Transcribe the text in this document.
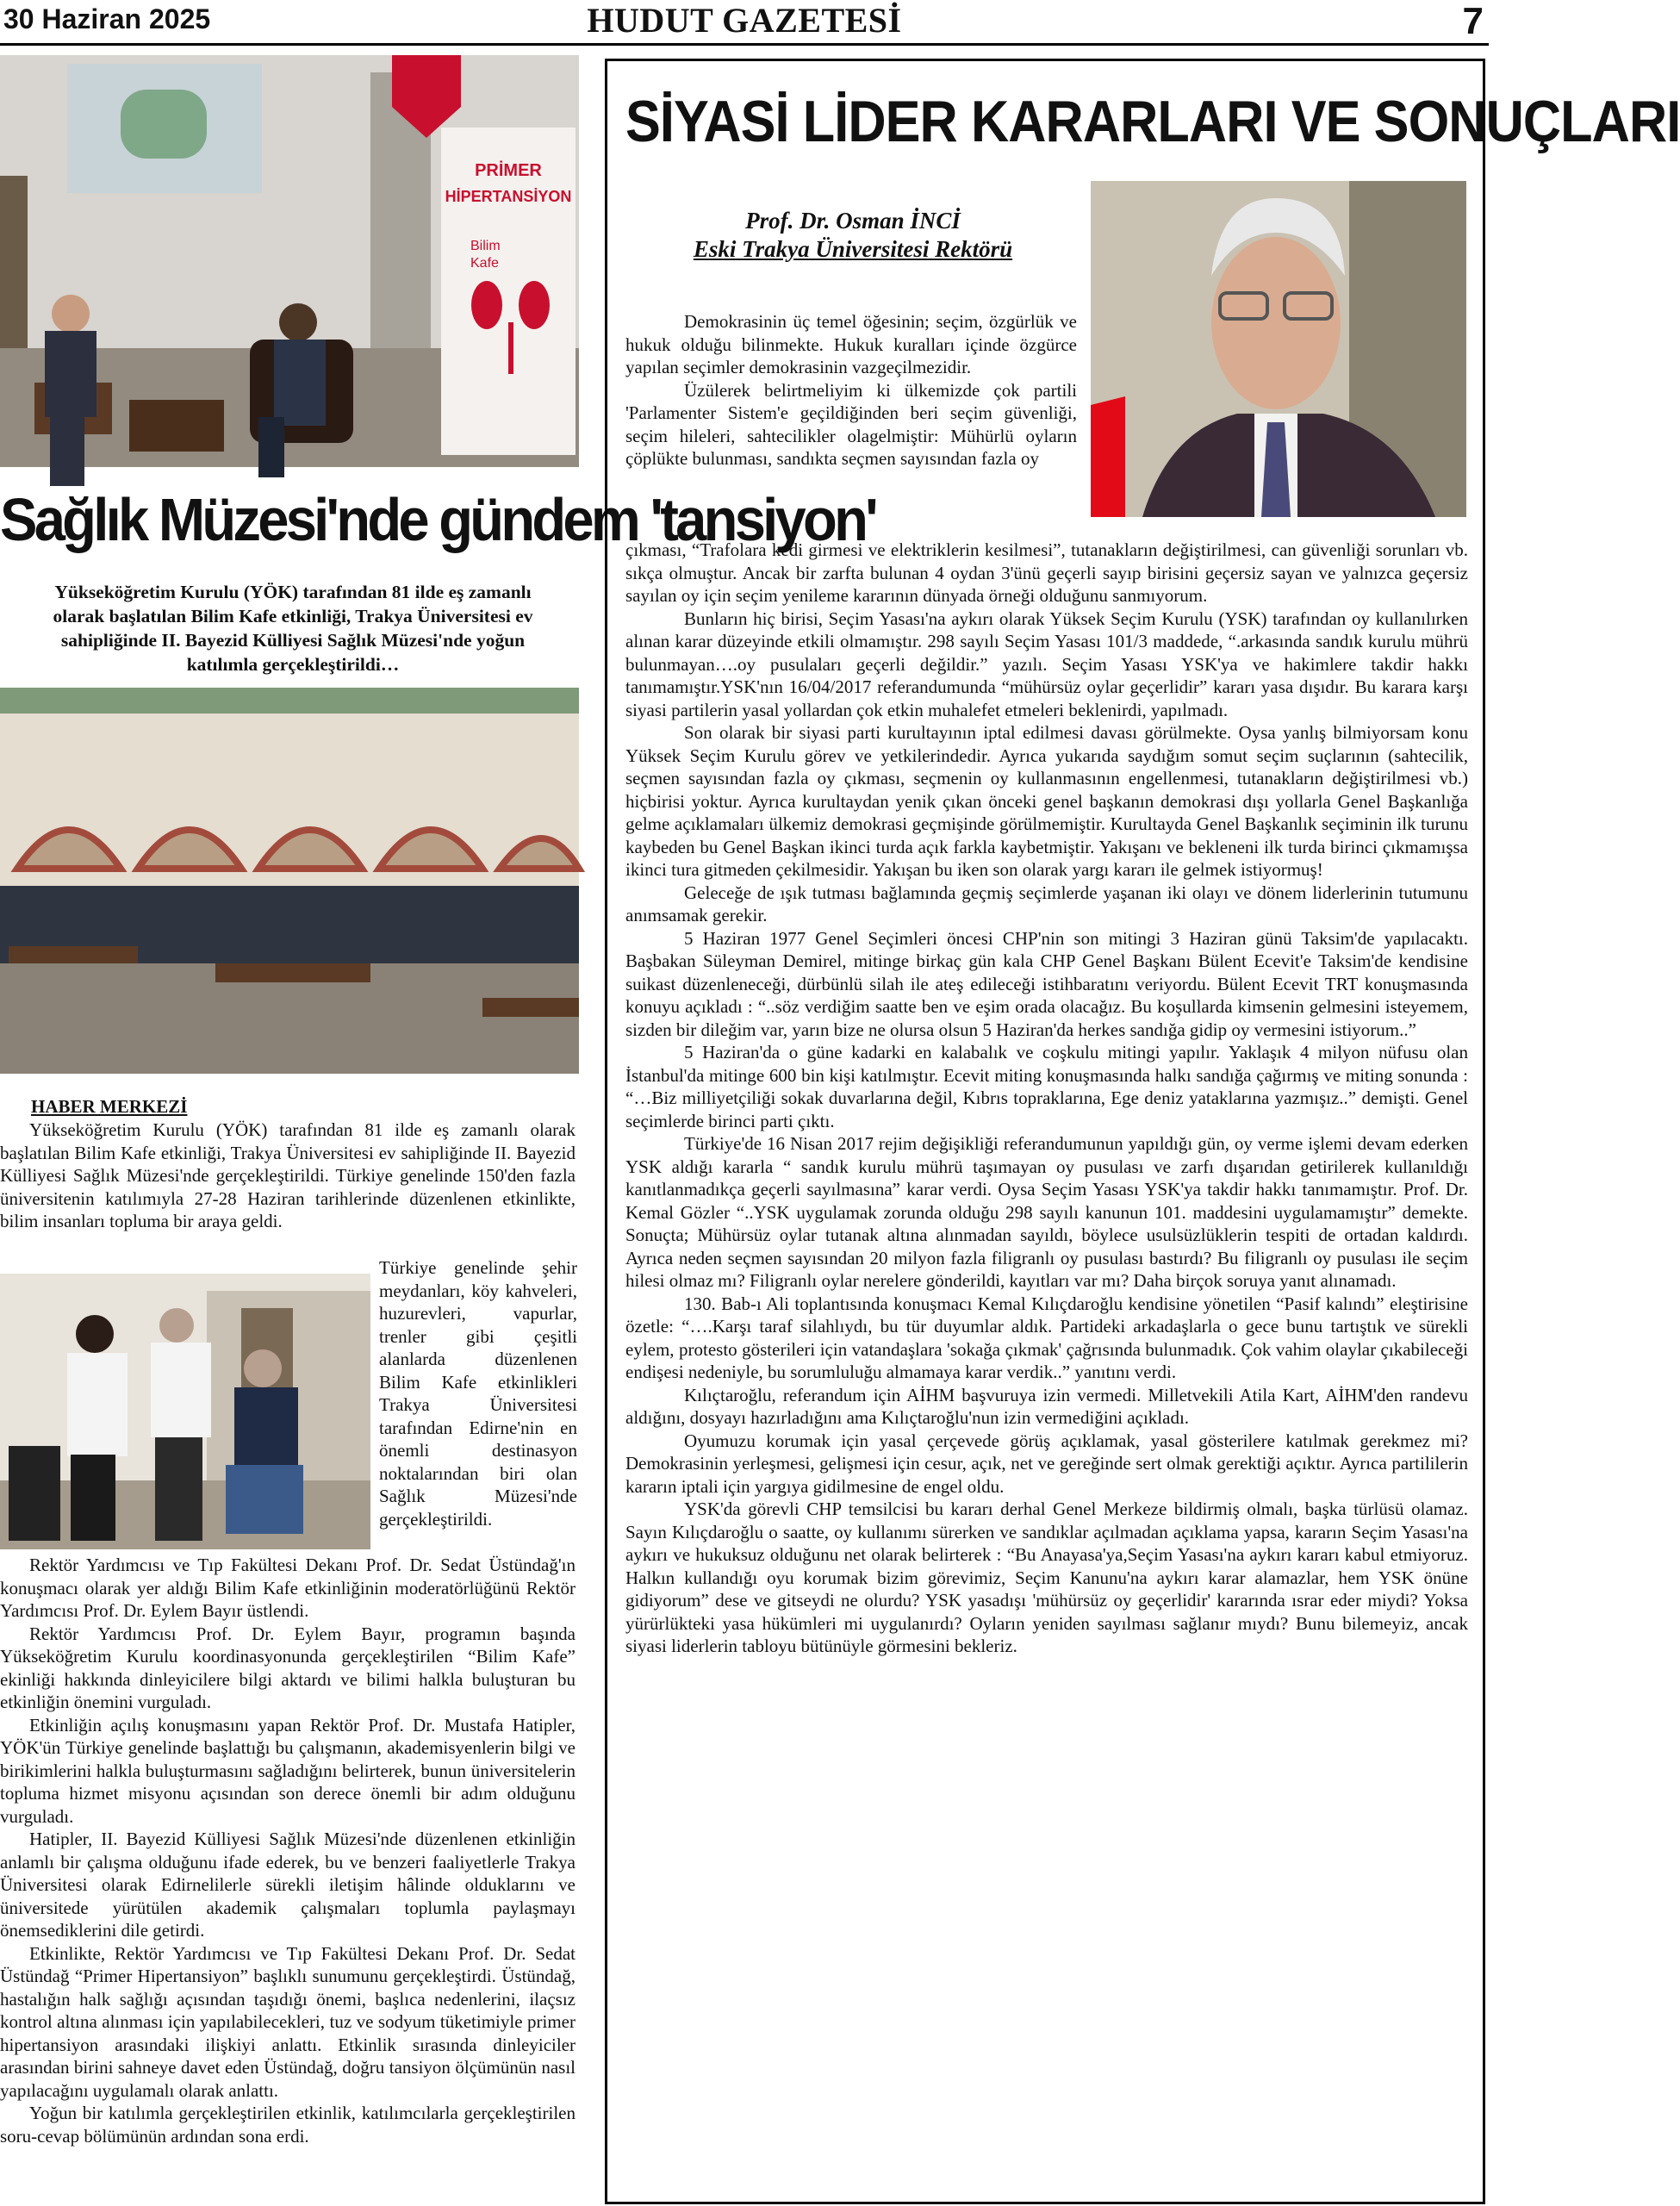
30 Haziran 2025	HUDUT GAZETESİ	7
PRİMER
HİPERTANSİYON
Bilim
Kafe
Sağlık Müzesi'nde gündem 'tansiyon'
Yükseköğretim Kurulu (YÖK) tarafından 81 ilde eş zamanlı olarak başlatılan Bilim Kafe etkinliği, Trakya Üniversitesi ev sahipliğinde II. Bayezid Külliyesi Sağlık Müzesi'nde yoğun katılımla gerçekleştirildi…
HABER MERKEZİ

Yükseköğretim Kurulu (YÖK) tarafından 81 ilde eş zamanlı olarak başlatılan Bilim Kafe etkinliği, Trakya Üniversitesi ev sahipliğinde II. Bayezid Külliyesi Sağlık Müzesi'nde gerçekleştirildi. Türkiye genelinde 150'den fazla üniversitenin katılımıyla 27-28 Haziran tarihlerinde düzenlenen etkinlikte, bilim insanları topluma bir araya geldi.

Türkiye genelinde şehir meydanları, köy kahveleri, huzurevleri, vapurlar, trenler gibi çeşitli alanlarda düzenlenen Bilim Kafe etkinlikleri Trakya Üniversitesi tarafından Edirne'nin en önemli destinasyon noktalarından biri olan Sağlık Müzesi'nde gerçekleştirildi.

Rektör Yardımcısı ve Tıp Fakültesi Dekanı Prof. Dr. Sedat Üstündağ'ın konuşmacı olarak yer aldığı Bilim Kafe etkinliğinin moderatörlüğünü Rektör Yardımcısı Prof. Dr. Eylem Bayır üstlendi.

Rektör Yardımcısı Prof. Dr. Eylem Bayır, programın başında Yükseköğretim Kurulu koordinasyonunda gerçekleştirilen “Bilim Kafe” ekinliği hakkında dinleyicilere bilgi aktardı ve bilimi halkla buluşturan bu etkinliğin önemini vurguladı.

Etkinliğin açılış konuşmasını yapan Rektör Prof. Dr. Mustafa Hatipler, YÖK'ün Türkiye genelinde başlattığı bu çalışmanın, akademisyenlerin bilgi ve birikimlerini halkla buluşturmasını sağladığını belirterek, bunun üniversitelerin topluma hizmet misyonu açısından son derece önemli bir adım olduğunu vurguladı.

Hatipler, II. Bayezid Külliyesi Sağlık Müzesi'nde düzenlenen etkinliğin anlamlı bir çalışma olduğunu ifade ederek, bu ve benzeri faaliyetlerle Trakya Üniversitesi olarak Edirnelilerle sürekli iletişim hâlinde olduklarını ve üniversitede yürütülen akademik çalışmaları toplumla paylaşmayı önemsediklerini dile getirdi.

Etkinlikte, Rektör Yardımcısı ve Tıp Fakültesi Dekanı Prof. Dr. Sedat Üstündağ “Primer Hipertansiyon” başlıklı sunumunu gerçekleştirdi. Üstündağ, hastalığın halk sağlığı açısından taşıdığı önemi, başlıca nedenlerini, ilaçsız kontrol altına alınması için yapılabilecekleri, tuz ve sodyum tüketimiyle primer hipertansiyon arasındaki ilişkiyi anlattı. Etkinlik sırasında dinleyiciler arasından birini sahneye davet eden Üstündağ, doğru tansiyon ölçümünün nasıl yapılacağını uygulamalı olarak anlattı.

Yoğun bir katılımla gerçekleştirilen etkinlik, katılımcılarla gerçekleştirilen soru-cevap bölümünün ardından sona erdi.

SİYASİ LİDER KARARLARI VE SONUÇLARI
Prof. Dr. Osman İNCİ
Eski Trakya Üniversitesi Rektörü

Demokrasinin üç temel öğesinin; seçim, özgürlük ve hukuk olduğu bilinmekte. Hukuk kuralları içinde özgürce yapılan seçimler demokrasinin vazgeçilmezidir.

Üzülerek belirtmeliyim ki ülkemizde çok partili 'Parlamenter Sistem'e geçildiğinden beri seçim güvenliği, seçim hileleri, sahtecilikler olagelmiştir: Mühürlü oyların çöplükte bulunması, sandıkta seçmen sayısından fazla oy

çıkması, “Trafolara kedi girmesi ve elektriklerin kesilmesi”, tutanakların değiştirilmesi, can güvenliği sorunları vb. sıkça olmuştur. Ancak bir zarfta bulunan 4 oydan 3'ünü geçerli sayıp birisini geçersiz sayan ve yalnızca geçersiz sayılan oy için seçim yenileme kararının dünyada örneği olduğunu sanmıyorum.

Bunların hiç birisi, Seçim Yasası'na aykırı olarak Yüksek Seçim Kurulu (YSK) tarafından oy kullanılırken alınan karar düzeyinde etkili olmamıştır. 298 sayılı Seçim Yasası 101/3 maddede, “.arkasında sandık kurulu mührü bulunmayan….oy pusulaları geçerli değildir.” yazılı. Seçim Yasası YSK'ya ve hakimlere takdir hakkı tanımamıştır.YSK'nın 16/04/2017 referandumunda “mühürsüz oylar geçerlidir” kararı yasa dışıdır. Bu karara karşı siyasi partilerin yasal yollardan çok etkin muhalefet etmeleri beklenirdi, yapılmadı.

Son olarak bir siyasi parti kurultayının iptal edilmesi davası görülmekte. Oysa yanlış bilmiyorsam konu Yüksek Seçim Kurulu görev ve yetkilerindedir. Ayrıca yukarıda saydığım somut seçim suçlarının (sahtecilik, seçmen sayısından fazla oy çıkması, seçmenin oy kullanmasının engellenmesi, tutanakların değiştirilmesi vb.) hiçbirisi yoktur. Ayrıca kurultaydan yenik çıkan önceki genel başkanın demokrasi dışı yollarla Genel Başkanlığa gelme açıklamaları ülkemiz demokrasi geçmişinde görülmemiştir. Kurultayda Genel Başkanlık seçiminin ilk turunu kaybeden bu Genel Başkan ikinci turda açık farkla kaybetmiştir. Yakışanı ve bekleneni ilk turda birinci çıkmamışsa ikinci tura gitmeden çekilmesidir. Yakışan bu iken son olarak yargı kararı ile gelmek istiyormuş!

Geleceğe de ışık tutması bağlamında geçmiş seçimlerde yaşanan iki olayı ve dönem liderlerinin tutumunu anımsamak gerekir.

5 Haziran 1977 Genel Seçimleri öncesi CHP'nin son mitingi 3 Haziran günü Taksim'de yapılacaktı. Başbakan Süleyman Demirel, mitinge birkaç gün kala CHP Genel Başkanı Bülent Ecevit'e Taksim'de kendisine suikast düzenleneceği, dürbünlü silah ile ateş edileceği istihbaratını veriyordu. Bülent Ecevit TRT konuşmasında konuyu açıkladı : “..söz verdiğim saatte ben ve eşim orada olacağız. Bu koşullarda kimsenin gelmesini isteyemem, sizden bir dileğim var, yarın bize ne olursa olsun 5 Haziran'da herkes sandığa gidip oy vermesini istiyorum..”

5 Haziran'da o güne kadarki en kalabalık ve coşkulu mitingi yapılır. Yaklaşık 4 milyon nüfusu olan İstanbul'da mitinge 600 bin kişi katılmıştır. Ecevit miting konuşmasında halkı sandığa çağırmış ve miting sonunda : “…Biz milliyetçiliği sokak duvarlarına değil, Kıbrıs topraklarına, Ege deniz yataklarına yazmışız..” demişti. Genel seçimlerde birinci parti çıktı.

Türkiye'de 16 Nisan 2017 rejim değişikliği referandumunun yapıldığı gün, oy verme işlemi devam ederken YSK aldığı kararla “ sandık kurulu mührü taşımayan oy pusulası ve zarfı dışarıdan getirilerek kullanıldığı kanıtlanmadıkça geçerli sayılmasına” karar verdi. Oysa Seçim Yasası YSK'ya takdir hakkı tanımamıştır. Prof. Dr. Kemal Gözler “..YSK uygulamak zorunda olduğu 298 sayılı kanunun 101. maddesini uygulamamıştır” demekte. Sonuçta; Mühürsüz oylar tutanak altına alınmadan sayıldı, böylece usulsüzlüklerin tespiti de ortadan kaldırdı. Ayrıca neden seçmen sayısından 20 milyon fazla filigranlı oy pusulası bastırdı? Bu filigranlı oy pusulası ile seçim hilesi olmaz mı? Filigranlı oylar nerelere gönderildi, kayıtları var mı? Daha birçok soruya yanıt alınamadı.

130. Bab-ı Ali toplantısında konuşmacı Kemal Kılıçdaroğlu kendisine yönetilen “Pasif kalındı” eleştirisine özetle: “….Karşı taraf silahlıydı, bu tür duyumlar aldık. Partideki arkadaşlarla o gece bunu tartıştık ve sürekli eylem, protesto gösterileri için vatandaşlara 'sokağa çıkmak' çağrısında bulunmadık. Çok vahim olaylar çıkabileceği endişesi nedeniyle, bu sorumluluğu almamaya karar verdik..” yanıtını verdi.

Kılıçtaroğlu, referandum için AİHM başvuruya izin vermedi. Milletvekili Atila Kart, AİHM'den randevu aldığını, dosyayı hazırladığını ama Kılıçtaroğlu'nun izin vermediğini açıkladı.

Oyumuzu korumak için yasal çerçevede görüş açıklamak, yasal gösterilere katılmak gerekmez mi? Demokrasinin yerleşmesi, gelişmesi için cesur, açık, net ve gereğinde sert olmak gerektiği açıktır. Ayrıca partililerin kararın iptali için yargıya gidilmesine de engel oldu.

YSK'da görevli CHP temsilcisi bu kararı derhal Genel Merkeze bildirmiş olmalı, başka türlüsü olamaz. Sayın Kılıçdaroğlu o saatte, oy kullanımı sürerken ve sandıklar açılmadan açıklama yapsa, kararın Seçim Yasası'na aykırı ve hukuksuz olduğunu net olarak belirterek : “Bu Anayasa'ya,Seçim Yasası'na aykırı kararı kabul etmiyoruz. Halkın kullandığı oyu korumak bizim görevimiz, Seçim Kanunu'na aykırı karar alamazlar, hem YSK önüne gidiyorum” dese ve gitseydi ne olurdu? YSK yasadışı 'mühürsüz oy geçerlidir' kararında ısrar eder miydi? Yoksa yürürlükteki yasa hükümleri mi uygulanırdı? Oyların yeniden sayılması sağlanır mıydı? Bunu bilemeyiz, ancak siyasi liderlerin tabloyu bütünüyle görmesini bekleriz.
